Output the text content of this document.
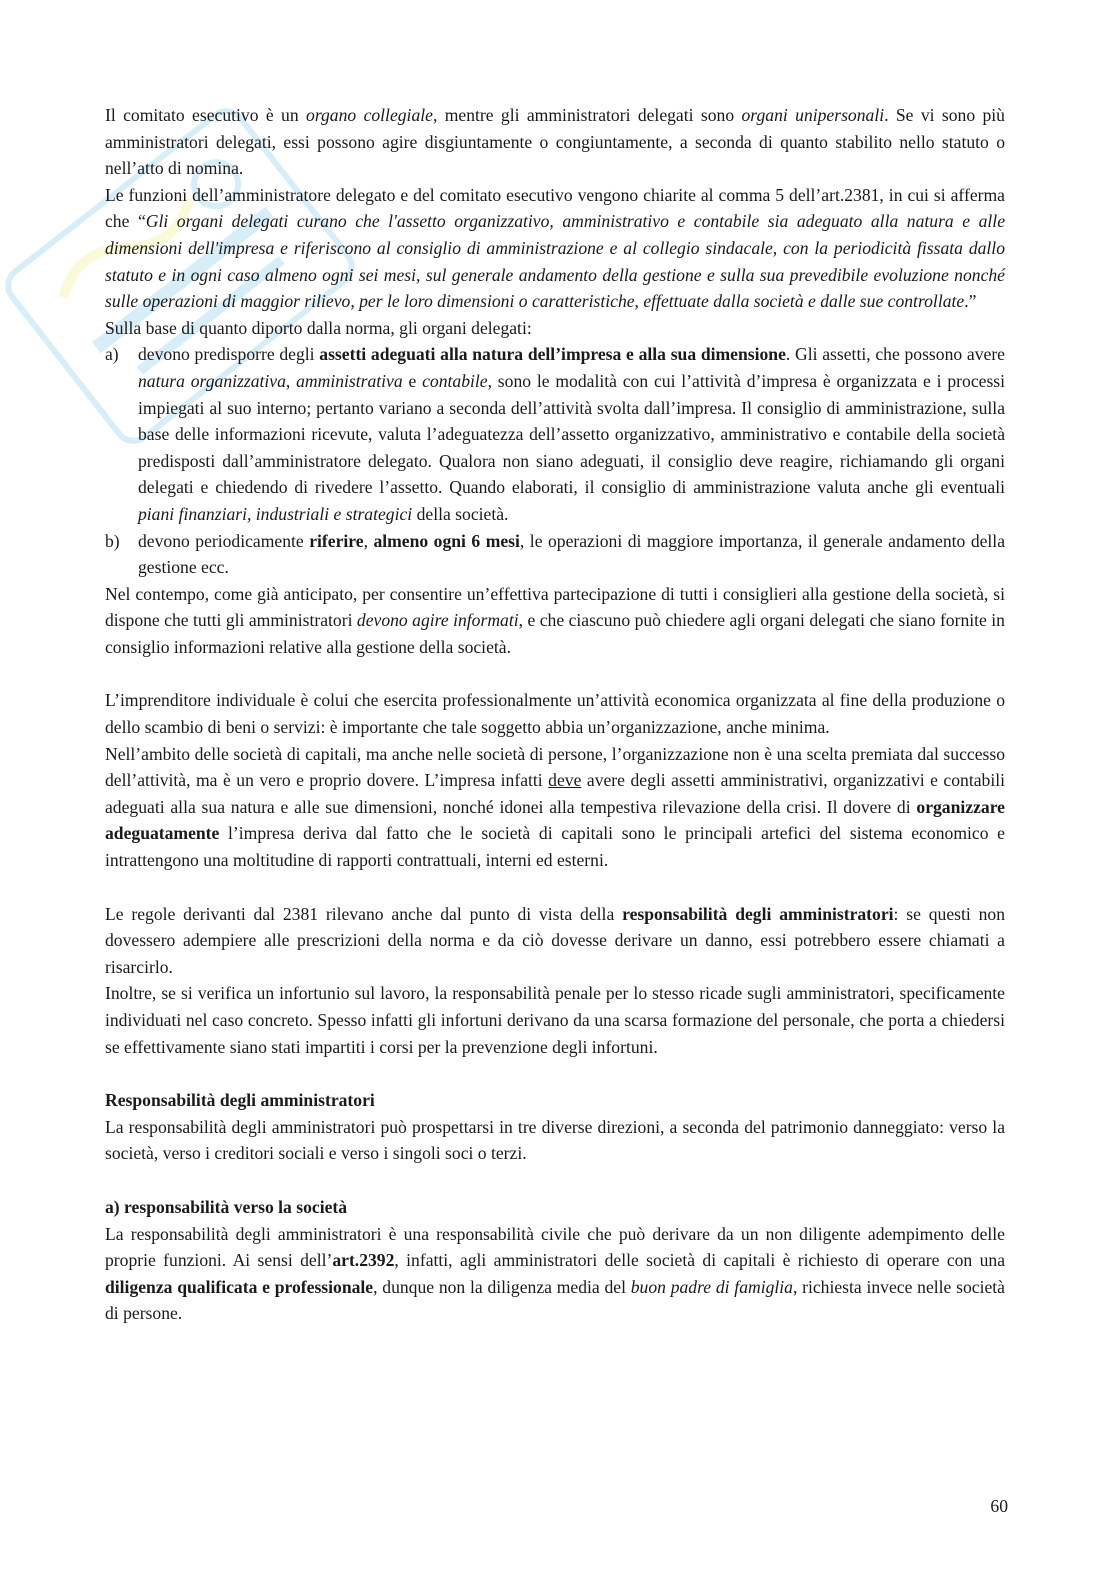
Il comitato esecutivo è un organo collegiale, mentre gli amministratori delegati sono organi unipersonali. Se vi sono più amministratori delegati, essi possono agire disgiuntamente o congiuntamente, a seconda di quanto stabilito nello statuto o nell’atto di nomina.

Le funzioni dell’amministratore delegato e del comitato esecutivo vengono chiarite al comma 5 dell’art.2381, in cui si afferma che “Gli organi delegati curano che l'assetto organizzativo, amministrativo e contabile sia adeguato alla natura e alle dimensioni dell'impresa e riferiscono al consiglio di amministrazione e al collegio sindacale, con la periodicità fissata dallo statuto e in ogni caso almeno ogni sei mesi, sul generale andamento della gestione e sulla sua prevedibile evoluzione nonché sulle operazioni di maggior rilievo, per le loro dimensioni o caratteristiche, effettuate dalla società e dalle sue controllate.”

Sulla base di quanto diporto dalla norma, gli organi delegati:

a) devono predisporre degli assetti adeguati alla natura dell’impresa e alla sua dimensione. Gli assetti, che possono avere natura organizzativa, amministrativa e contabile, sono le modalità con cui l’attività d’impresa è organizzata e i processi impiegati al suo interno; pertanto variano a seconda dell’attività svolta dall’impresa. Il consiglio di amministrazione, sulla base delle informazioni ricevute, valuta l’adeguatezza dell’assetto organizzativo, amministrativo e contabile della società predisposti dall’amministratore delegato. Qualora non siano adeguati, il consiglio deve reagire, richiamando gli organi delegati e chiedendo di rivedere l’assetto. Quando elaborati, il consiglio di amministrazione valuta anche gli eventuali piani finanziari, industriali e strategici della società.

b) devono periodicamente riferire, almeno ogni 6 mesi, le operazioni di maggiore importanza, il generale andamento della gestione ecc.

Nel contempo, come già anticipato, per consentire un’effettiva partecipazione di tutti i consiglieri alla gestione della società, si dispone che tutti gli amministratori devono agire informati, e che ciascuno può chiedere agli organi delegati che siano fornite in consiglio informazioni relative alla gestione della società.

L’imprenditore individuale è colui che esercita professionalmente un’attività economica organizzata al fine della produzione o dello scambio di beni o servizi: è importante che tale soggetto abbia un’organizzazione, anche minima.

Nell’ambito delle società di capitali, ma anche nelle società di persone, l’organizzazione non è una scelta premiata dal successo dell’attività, ma è un vero e proprio dovere. L’impresa infatti deve avere degli assetti amministrativi, organizzativi e contabili adeguati alla sua natura e alle sue dimensioni, nonché idonei alla tempestiva rilevazione della crisi. Il dovere di organizzare adeguatamente l’impresa deriva dal fatto che le società di capitali sono le principali artefici del sistema economico e intrattengono una moltitudine di rapporti contrattuali, interni ed esterni.

Le regole derivanti dal 2381 rilevano anche dal punto di vista della responsabilità degli amministratori: se questi non dovessero adempiere alle prescrizioni della norma e da ciò dovesse derivare un danno, essi potrebbero essere chiamati a risarcirlo.

Inoltre, se si verifica un infortunio sul lavoro, la responsabilità penale per lo stesso ricade sugli amministratori, specificamente individuati nel caso concreto. Spesso infatti gli infortuni derivano da una scarsa formazione del personale, che porta a chiedersi se effettivamente siano stati impartiti i corsi per la prevenzione degli infortuni.

Responsabilità degli amministratori

La responsabilità degli amministratori può prospettarsi in tre diverse direzioni, a seconda del patrimonio danneggiato: verso la società, verso i creditori sociali e verso i singoli soci o terzi.

a) responsabilità verso la società

La responsabilità degli amministratori è una responsabilità civile che può derivare da un non diligente adempimento delle proprie funzioni. Ai sensi dell’art.2392, infatti, agli amministratori delle società di capitali è richiesto di operare con una diligenza qualificata e professionale, dunque non la diligenza media del buon padre di famiglia, richiesta invece nelle società di persone.

60
